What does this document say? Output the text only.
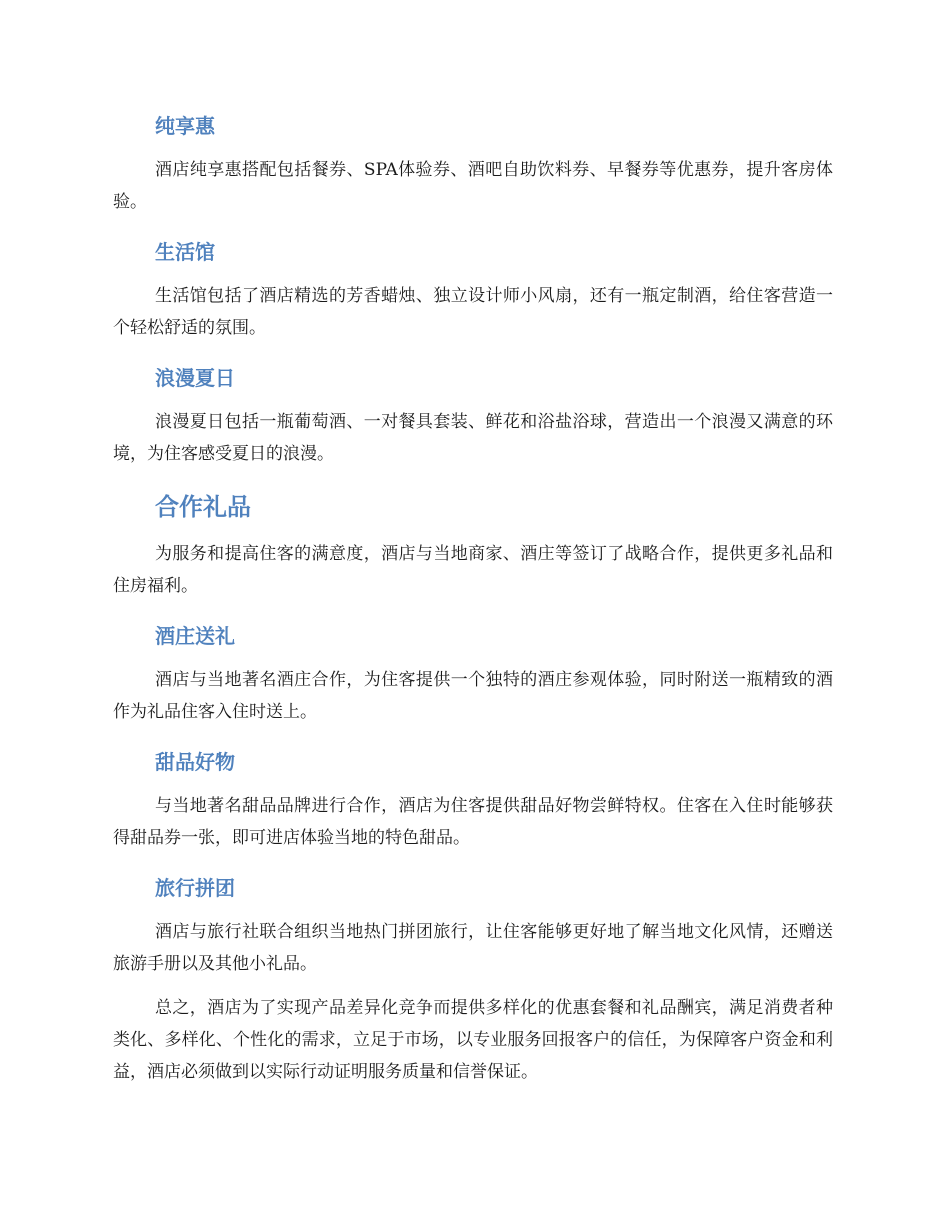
纯享惠

酒店纯享惠搭配包括餐券、SPA体验券、酒吧自助饮料券、早餐券等优惠券，提升客房体验。

生活馆

生活馆包括了酒店精选的芳香蜡烛、独立设计师小风扇，还有一瓶定制酒，给住客营造一个轻松舒适的氛围。

浪漫夏日

浪漫夏日包括一瓶葡萄酒、一对餐具套装、鲜花和浴盐浴球，营造出一个浪漫又满意的环境，为住客感受夏日的浪漫。

合作礼品

为服务和提高住客的满意度，酒店与当地商家、酒庄等签订了战略合作，提供更多礼品和住房福利。

酒庄送礼

酒店与当地著名酒庄合作，为住客提供一个独特的酒庄参观体验，同时附送一瓶精致的酒作为礼品住客入住时送上。

甜品好物

与当地著名甜品品牌进行合作，酒店为住客提供甜品好物尝鲜特权。住客在入住时能够获得甜品券一张，即可进店体验当地的特色甜品。

旅行拼团

酒店与旅行社联合组织当地热门拼团旅行，让住客能够更好地了解当地文化风情，还赠送旅游手册以及其他小礼品。

总之，酒店为了实现产品差异化竞争而提供多样化的优惠套餐和礼品酬宾，满足消费者种类化、多样化、个性化的需求，立足于市场，以专业服务回报客户的信任，为保障客户资金和利益，酒店必须做到以实际行动证明服务质量和信誉保证。
